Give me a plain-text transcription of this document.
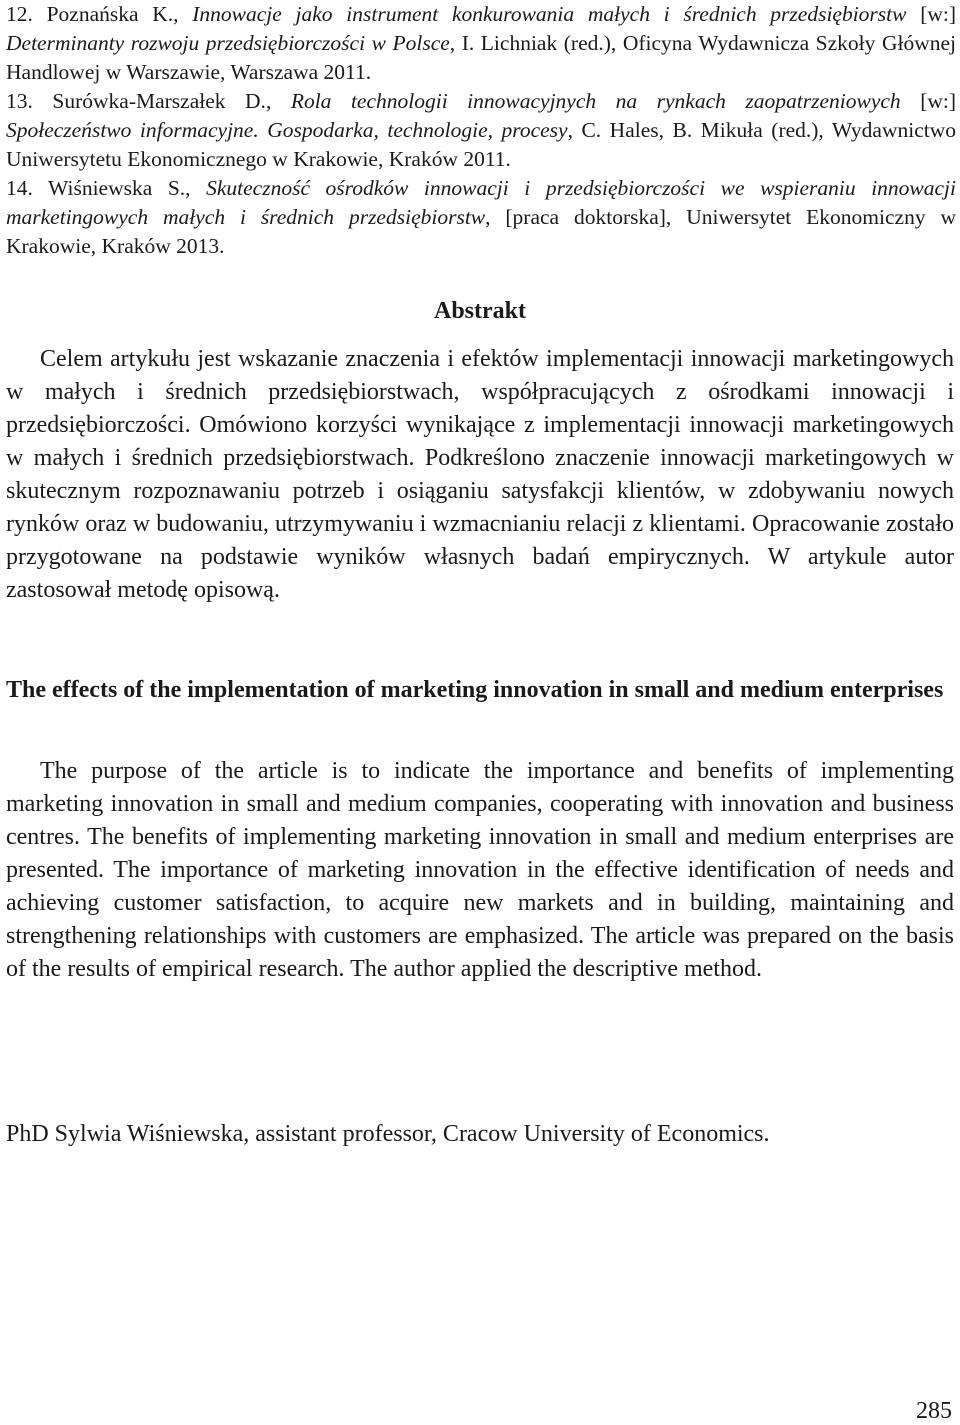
12. Poznańska K., Innowacje jako instrument konkurowania małych i średnich przedsiębiorstw [w:] Determinanty rozwoju przedsiębiorczości w Polsce, I. Lichniak (red.), Oficyna Wydawnicza Szkoły Głównej Handlowej w Warszawie, Warszawa 2011.

13. Surówka-Marszałek D., Rola technologii innowacyjnych na rynkach zaopatrzeniowych [w:] Społeczeństwo informacyjne. Gospodarka, technologie, procesy, C. Hales, B. Mikuła (red.), Wydawnictwo Uniwersytetu Ekonomicznego w Krakowie, Kraków 2011.

14. Wiśniewska S., Skuteczność ośrodków innowacji i przedsiębiorczości we wspieraniu innowacji marketingowych małych i średnich przedsiębiorstw, [praca doktorska], Uniwersytet Ekonomiczny w Krakowie, Kraków 2013.

Abstrakt

Celem artykułu jest wskazanie znaczenia i efektów implementacji innowacji marketingowych w małych i średnich przedsiębiorstwach, współpracujących z ośrodkami innowacji i przedsiębiorczości. Omówiono korzyści wynikające z implementacji innowacji marketingowych w małych i średnich przedsiębiorstwach. Podkreślono znaczenie innowacji marketingowych w skutecznym rozpoznawaniu potrzeb i osiąganiu satysfakcji klientów, w zdobywaniu nowych rynków oraz w budowaniu, utrzymywaniu i wzmacnianiu relacji z klientami. Opracowanie zostało przygotowane na podstawie wyników własnych badań empirycznych. W artykule autor zastosował metodę opisową.

The effects of the implementation of marketing innovation in small and medium enterprises

The purpose of the article is to indicate the importance and benefits of implementing marketing innovation in small and medium companies, cooperating with innovation and business centres. The benefits of implementing marketing innovation in small and medium enterprises are presented. The importance of marketing innovation in the effective identification of needs and achieving customer satisfaction, to acquire new markets and in building, maintaining and strengthening relationships with customers are emphasized. The article was prepared on the basis of the results of empirical research. The author applied the descriptive method.

PhD Sylwia Wiśniewska, assistant professor, Cracow University of Economics.

285
